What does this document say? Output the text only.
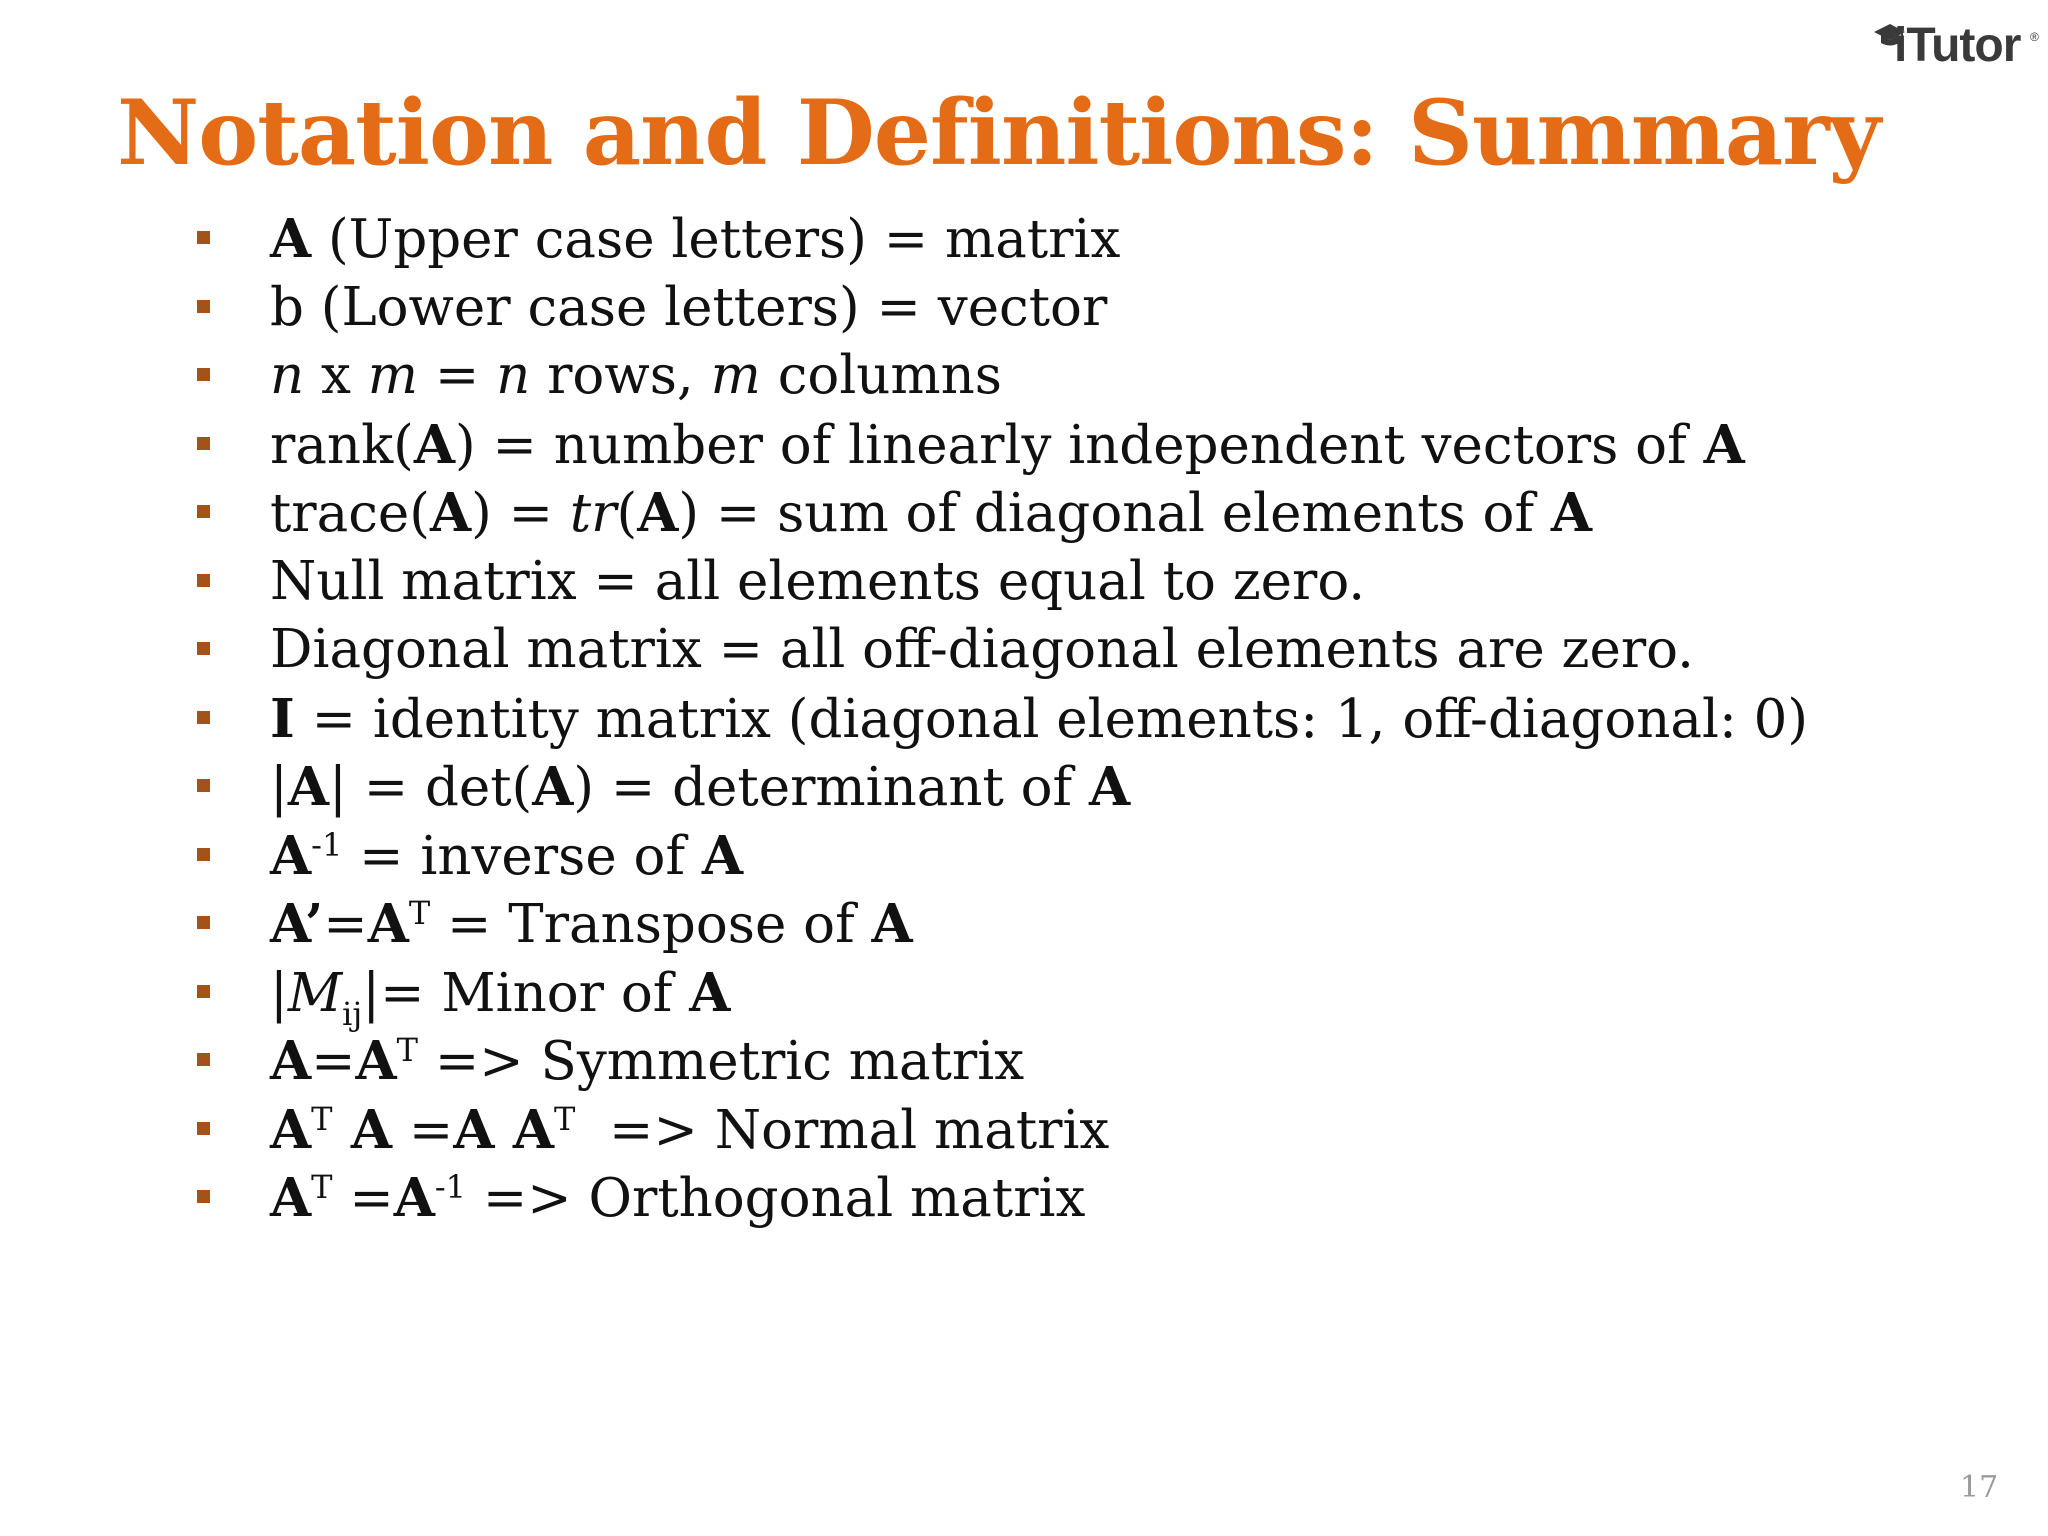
iTutor ®
Notation and Definitions: Summary
A (Upper case letters) = matrix
b (Lower case letters) = vector
n x m = n rows, m columns
rank(A) = number of linearly independent vectors of A
trace(A) = tr(A) = sum of diagonal elements of A
Null matrix = all elements equal to zero.
Diagonal matrix = all off-diagonal elements are zero.
I = identity matrix (diagonal elements: 1, off-diagonal: 0)
|A| = det(A) = determinant of A
$A^{-1}$ = inverse of A
$A’=A^T$ = Transpose of A
$|M_{ij}|=$ Minor of A
$A=A^T$ => Symmetric matrix
$A^T$ A =A $A^T$  => Normal matrix
$A^T =A^{-1}$ => Orthogonal matrix
17
